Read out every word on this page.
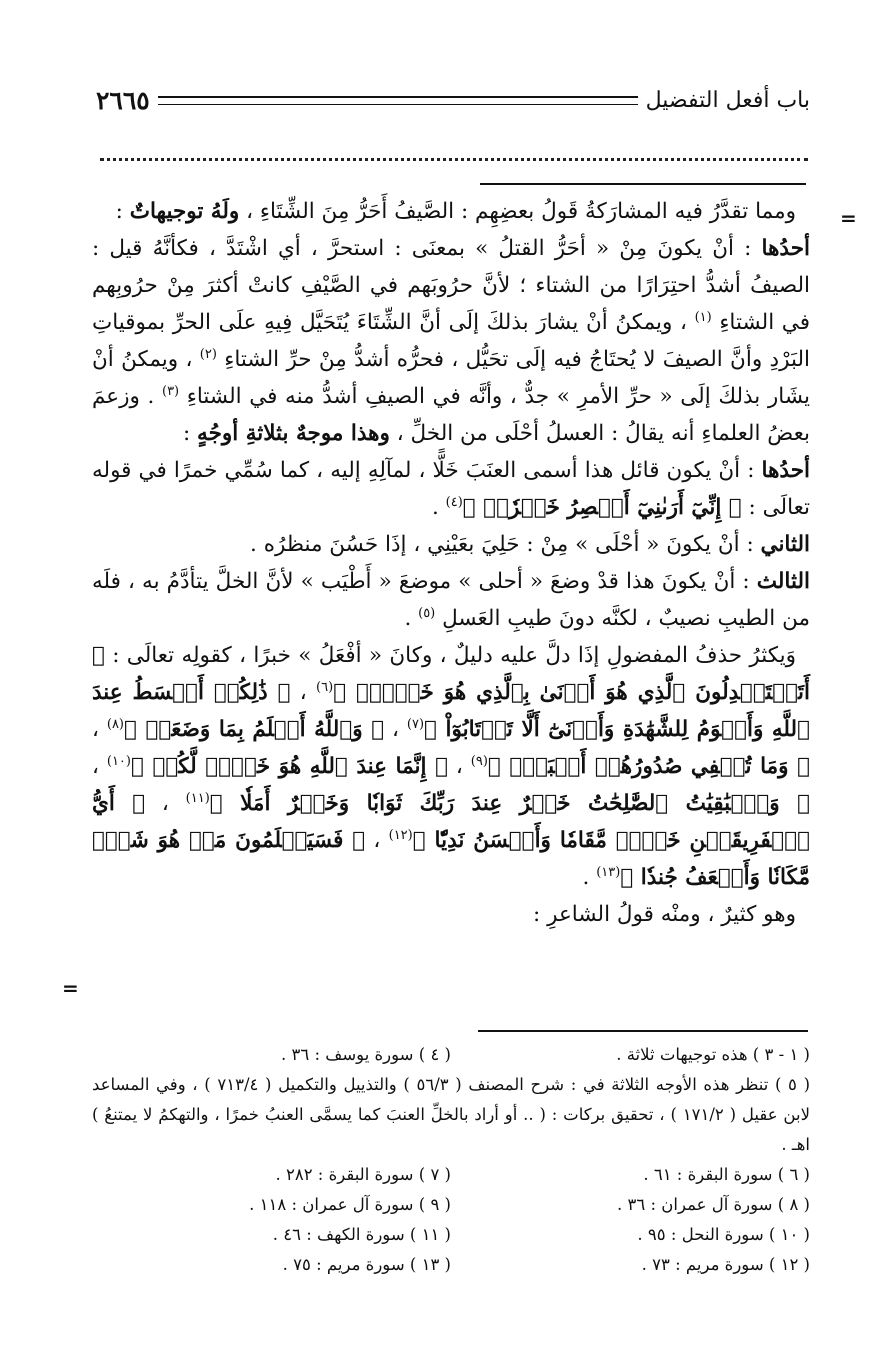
باب أفعل التفضيل
٢٦٦٥
=
=

ومما تقدَّرُ فيه المشارَكةُ قَولُ بعضِهِم : الصَّيفُ أَحَرُّ مِنَ الشِّتَاءِ ، ولَهُ توجيهاتٌ :

أحدُها : أنْ يكونَ مِنْ « أحَرُّ القتلُ » بمعنَى : استحرَّ ، أي اشْتَدَّ ، فكأنَّهُ قيل : الصيفُ أشدُّ احتِرَارًا من الشتاء ؛ لأنَّ حرُوبَهم في الصَّيْفِ كانتْ أكثرَ مِنْ حرُوبِهم في الشتاءِ $^{(١)}$ ، ويمكنُ أنْ يشارَ بذلكَ إلَى أنَّ الشِّتَاءَ يُتَحَيَّل فِيهِ علَى الحرِّ بموقياتِ البَرْدِ وأنَّ الصيفَ لا يُحتَاجُ فيه إلَى تحَيُّل ، فحرُّه أشدُّ مِنْ حرِّ الشتاءِ $^{(٢)}$ ، ويمكنُ أنْ يشَار بذلكَ إلَى « حرِّ الأمرِ » جدٌّ ، وأنَّه في الصيفِ أشدُّ منه في الشتاءِ $^{(٣)}$ . وزعمَ بعضُ العلماءِ أنه يقالُ : العسلُ أحْلَى من الخلِّ ، وهذا موجهٌ بثلاثةِ أوجُهٍ :

أحدُها : أنْ يكون قائل هذا أسمى العنَبَ خَلًّا ، لمآلِهِ إليه ، كما سُمِّي خمرًا في قوله تعالَى : ﴿ إِنِّيٓ أَرَىٰنِيٓ أَعۡصِرُ خَمۡرٗاۖ ﴾$^{(٤)}$ .

الثاني : أنْ يكونَ « أحْلَى » مِنْ : حَلِيَ بعَيْنِي ، إذَا حَسُنَ منظرُه .

الثالث : أنْ يكونَ هذا قدْ وضعَ « أحلى » موضعَ « أَطْيَب » لأنَّ الخلَّ يتأدَّمُ به ، فلَه من الطيبِ نصيبٌ ، لكنَّه دونَ طيبِ العَسلِ $^{(٥)}$ .

وَيكثرُ حذفُ المفضولِ إذَا دلَّ عليه دليلٌ ، وكانَ « أفْعَلُ » خبرًا ، كقولِه تعالَى : ﴿ أَتَسۡتَبۡدِلُونَ ٱلَّذِي هُوَ أَدۡنَىٰ بِٱلَّذِي هُوَ خَيۡرٌۚ ﴾$^{(٦)}$ ، ﴿ ذَٰلِكُمۡ أَقۡسَطُ عِندَ ٱللَّهِ وَأَقۡوَمُ لِلشَّهَٰدَةِ وَأَدۡنَىٰٓ أَلَّا تَرۡتَابُوٓاْ ﴾$^{(٧)}$ ، ﴿ وَٱللَّهُ أَعۡلَمُ بِمَا وَضَعَتۡ ﴾$^{(٨)}$ ، ﴿ وَمَا تُخۡفِي صُدُورُهُمۡ أَكۡبَرُۚ ﴾$^{(٩)}$ ، ﴿ إِنَّمَا عِندَ ٱللَّهِ هُوَ خَيۡرٞ لَّكُمۡ ﴾$^{(١٠)}$ ، ﴿ وَٱلۡبَٰقِيَٰتُ ٱلصَّٰلِحَٰتُ خَيۡرٌ عِندَ رَبِّكَ ثَوَابٗا وَخَيۡرٌ أَمَلٗا ﴾$^{(١١)}$ ، ﴿ أَيُّ ٱلۡفَرِيقَيۡنِ خَيۡرٞ مَّقَامٗا وَأَحۡسَنُ نَدِيّٗا ﴾$^{(١٢)}$ ، ﴿ فَسَيَعۡلَمُونَ مَنۡ هُوَ شَرّٞ مَّكَانٗا وَأَضۡعَفُ جُندٗا ﴾$^{(١٣)}$ .

وهو كثيرٌ ، ومنْه قولُ الشاعرِ :

( ١ - ٣ ) هذه توجيهات ثلاثة .
( ٤ ) سورة يوسف : ٣٦ .
( ٥ ) تنظر هذه الأوجه الثلاثة في : شرح المصنف ( ٥٦/٣ ) والتذييل والتكميل ( ٧١٣/٤ ) ، وفي المساعد لابن عقيل ( ١٧١/٢ ) ، تحقيق بركات : ( .. أو أراد بالخلِّ العنبَ كما يسمَّى العنبُ خمرًا ، والتهكمُ لا يمتنعُ ) اهـ .
( ٦ ) سورة البقرة : ٦١ .
( ٧ ) سورة البقرة : ٢٨٢ .
( ٨ ) سورة آل عمران : ٣٦ .
( ٩ ) سورة آل عمران : ١١٨ .
( ١٠ ) سورة النحل : ٩٥ .
( ١١ ) سورة الكهف : ٤٦ .
( ١٢ ) سورة مريم : ٧٣ .
( ١٣ ) سورة مريم : ٧٥ .
